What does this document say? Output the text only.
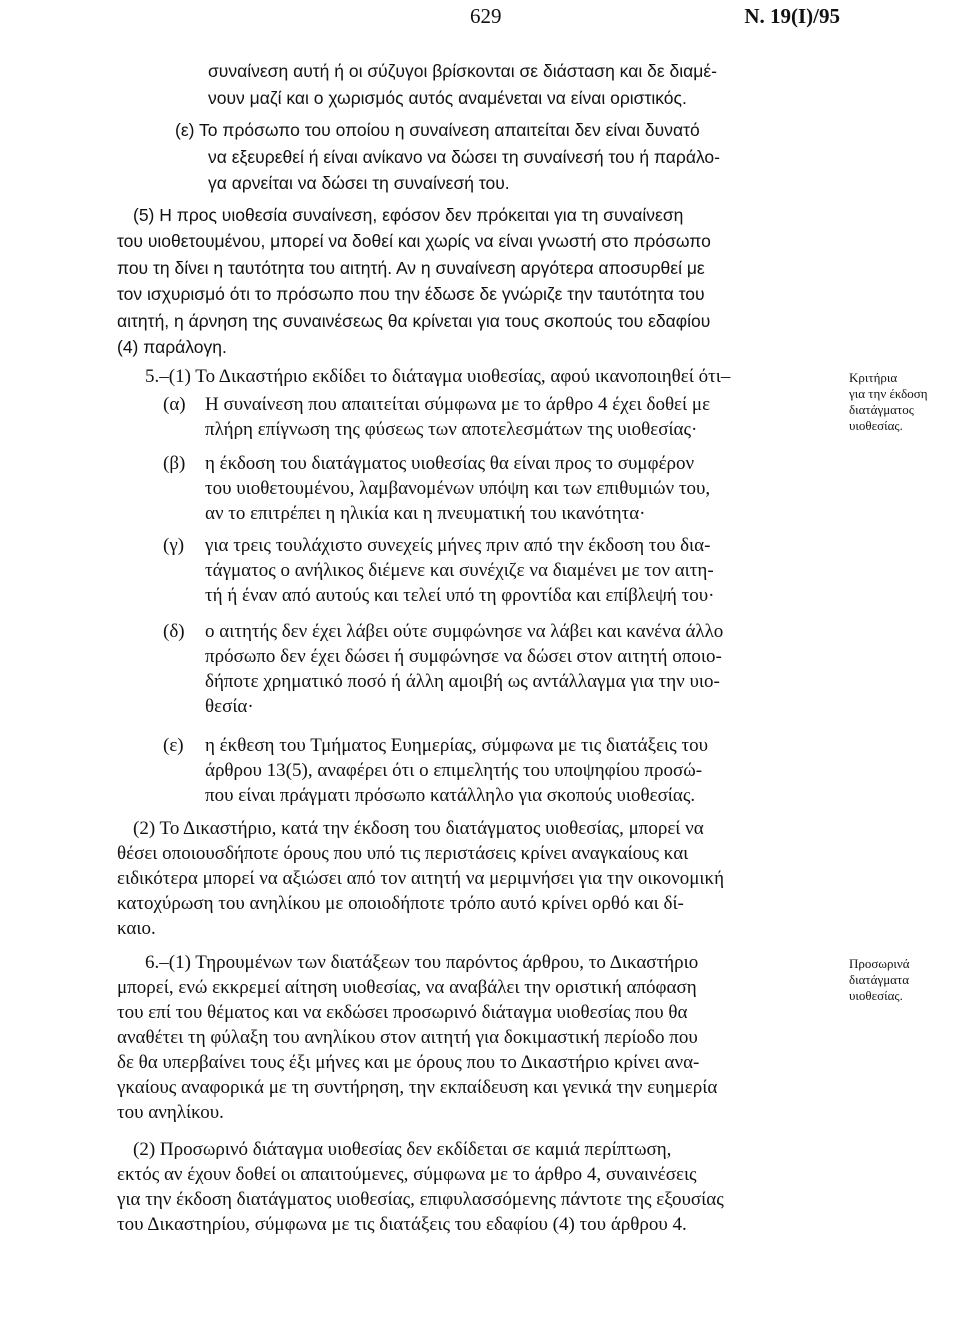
629	N. 19(I)/95
συναίνεση αυτή ή οι σύζυγοι βρίσκονται σε διάσταση και δε διαμέ-
νουν μαζί και ο χωρισμός αυτός αναμένεται να είναι οριστικός.
(ε) Το πρόσωπο του οποίου η συναίνεση απαιτείται δεν είναι δυνατό
να εξευρεθεί ή είναι ανίκανο να δώσει τη συναίνεσή του ή παράλο-
γα αρνείται να δώσει τη συναίνεσή του.
(5) Η προς υιοθεσία συναίνεση, εφόσον δεν πρόκειται για τη συναίνεση
του υιοθετουμένου, μπορεί να δοθεί και χωρίς να είναι γνωστή στο πρόσωπο
που τη δίνει η ταυτότητα του αιτητή. Αν η συναίνεση αργότερα αποσυρθεί με
τον ισχυρισμό ότι το πρόσωπο που την έδωσε δε γνώριζε την ταυτότητα του
αιτητή, η άρνηση της συναινέσεως θα κρίνεται για τους σκοπούς του εδαφίου
(4) παράλογη.
5.–(1) Το Δικαστήριο εκδίδει το διάταγμα υιοθεσίας, αφού ικανοποιηθεί ότι–
(α) Η συναίνεση που απαιτείται σύμφωνα με το άρθρο 4 έχει δοθεί με
πλήρη επίγνωση της φύσεως των αποτελεσμάτων της υιοθεσίας·
(β) η έκδοση του διατάγματος υιοθεσίας θα είναι προς το συμφέρον
του υιοθετουμένου, λαμβανομένων υπόψη και των επιθυμιών του,
αν το επιτρέπει η ηλικία και η πνευματική του ικανότητα·
(γ) για τρεις τουλάχιστο συνεχείς μήνες πριν από την έκδοση του δια-
τάγματος ο ανήλικος διέμενε και συνέχιζε να διαμένει με τον αιτη-
τή ή έναν από αυτούς και τελεί υπό τη φροντίδα και επίβλεψή του·
(δ) ο αιτητής δεν έχει λάβει ούτε συμφώνησε να λάβει και κανένα άλλο
πρόσωπο δεν έχει δώσει ή συμφώνησε να δώσει στον αιτητή οποιο-
δήποτε χρηματικό ποσό ή άλλη αμοιβή ως αντάλλαγμα για την υιο-
θεσία·
(ε) η έκθεση του Τμήματος Ευημερίας, σύμφωνα με τις διατάξεις του
άρθρου 13(5), αναφέρει ότι ο επιμελητής του υποψηφίου προσώ-
που είναι πράγματι πρόσωπο κατάλληλο για σκοπούς υιοθεσίας.
(2) Το Δικαστήριο, κατά την έκδοση του διατάγματος υιοθεσίας, μπορεί να
θέσει οποιουσδήποτε όρους που υπό τις περιστάσεις κρίνει αναγκαίους και
ειδικότερα μπορεί να αξιώσει από τον αιτητή να μεριμνήσει για την οικονομική
κατοχύρωση του ανηλίκου με οποιοδήποτε τρόπο αυτό κρίνει ορθό και δί-
καιο.
6.–(1) Τηρουμένων των διατάξεων του παρόντος άρθρου, το Δικαστήριο
μπορεί, ενώ εκκρεμεί αίτηση υιοθεσίας, να αναβάλει την οριστική απόφαση
του επί του θέματος και να εκδώσει προσωρινό διάταγμα υιοθεσίας που θα
αναθέτει τη φύλαξη του ανηλίκου στον αιτητή για δοκιμαστική περίοδο που
δε θα υπερβαίνει τους έξι μήνες και με όρους που το Δικαστήριο κρίνει ανα-
γκαίους αναφορικά με τη συντήρηση, την εκπαίδευση και γενικά την ευημερία
του ανηλίκου.
(2) Προσωρινό διάταγμα υιοθεσίας δεν εκδίδεται σε καμιά περίπτωση,
εκτός αν έχουν δοθεί οι απαιτούμενες, σύμφωνα με το άρθρο 4, συναινέσεις
για την έκδοση διατάγματος υιοθεσίας, επιφυλασσόμενης πάντοτε της εξουσίας
του Δικαστηρίου, σύμφωνα με τις διατάξεις του εδαφίου (4) του άρθρου 4.
Κριτήρια
για την έκδοση
διατάγματος
υιοθεσίας.
Προσωρινά
διατάγματα
υιοθεσίας.
